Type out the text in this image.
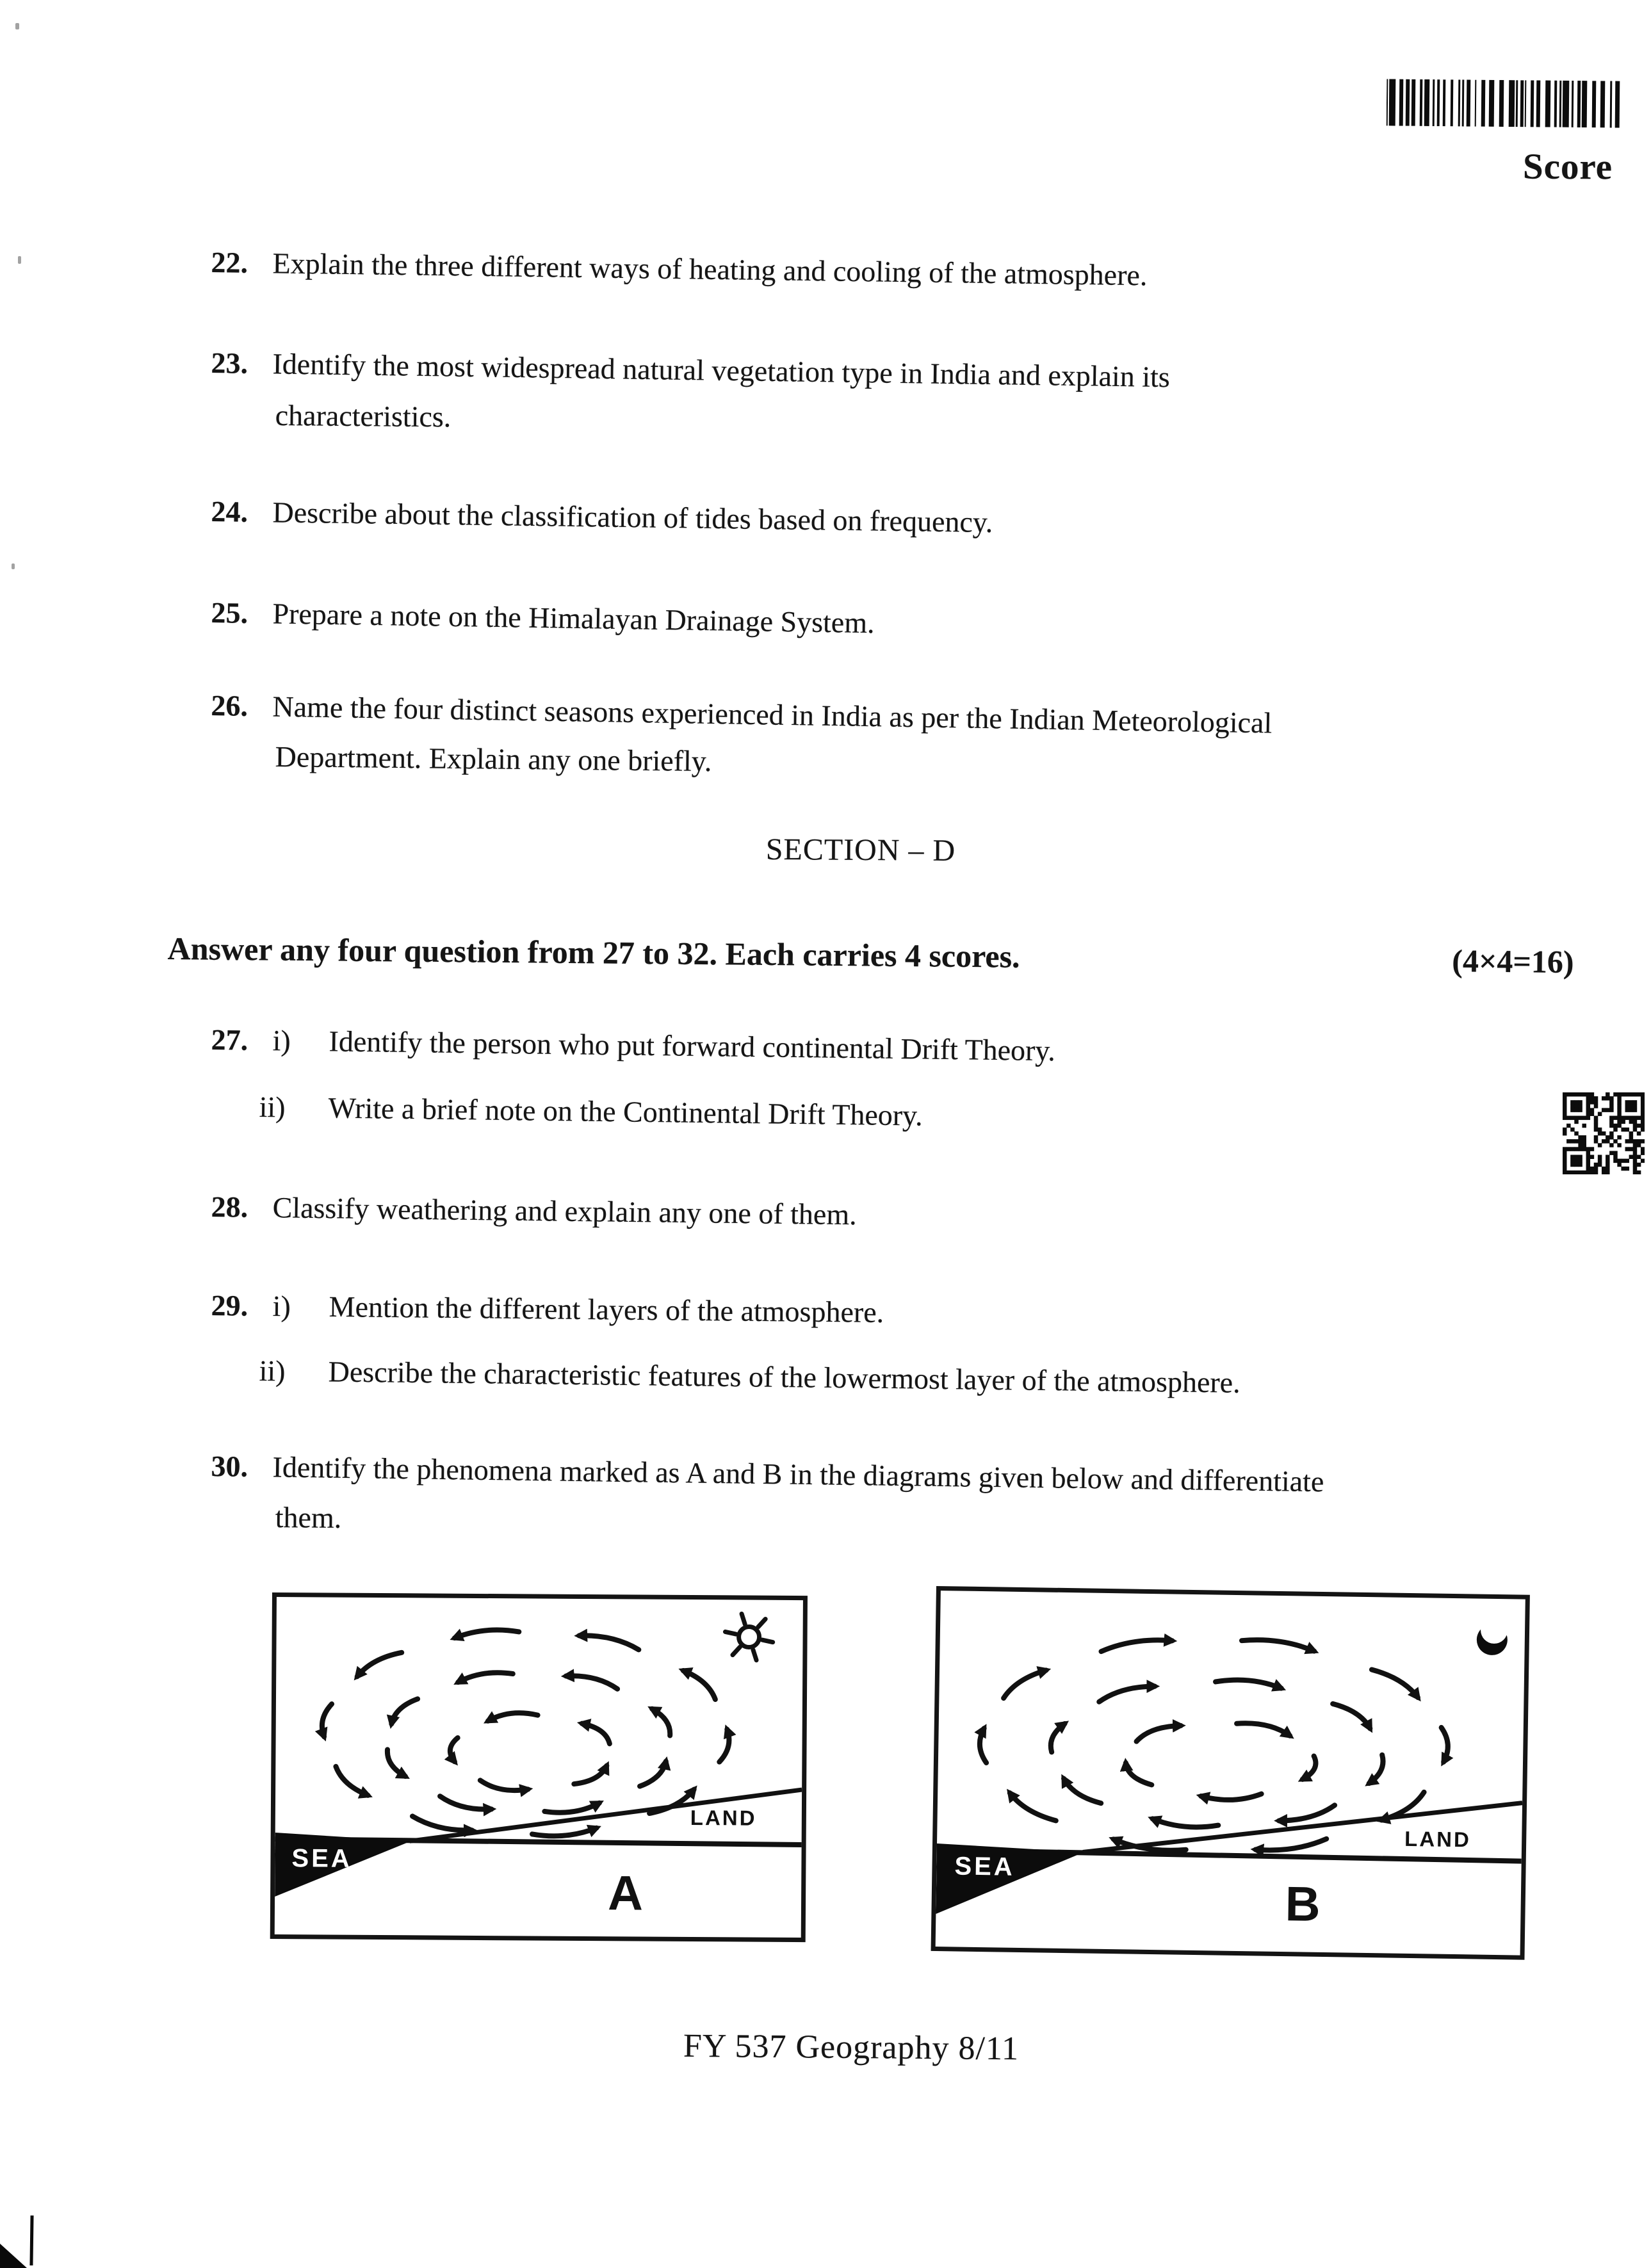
Score
22. Explain the three different ways of heating and cooling of the atmosphere.
23. Identify the most widespread natural vegetation type in India and explain its
characteristics.
24. Describe about the classification of tides based on frequency.
25. Prepare a note on the Himalayan Drainage System.
26. Name the four distinct seasons experienced in India as per the Indian Meteorological
Department. Explain any one briefly.
SECTION – D
Answer any four question from 27 to 32. Each carries 4 scores.	(4×4=16)
27. i) Identify the person who put forward continental Drift Theory.
ii) Write a brief note on the Continental Drift Theory.
28. Classify weathering and explain any one of them.
29. i) Mention the different layers of the atmosphere.
ii) Describe the characteristic features of the lowermost layer of the atmosphere.
30. Identify the phenomena marked as A and B in the diagrams given below and differentiate
them.
LAND
SEA
A
LAND
SEA
B
FY 537 Geography 8/11
